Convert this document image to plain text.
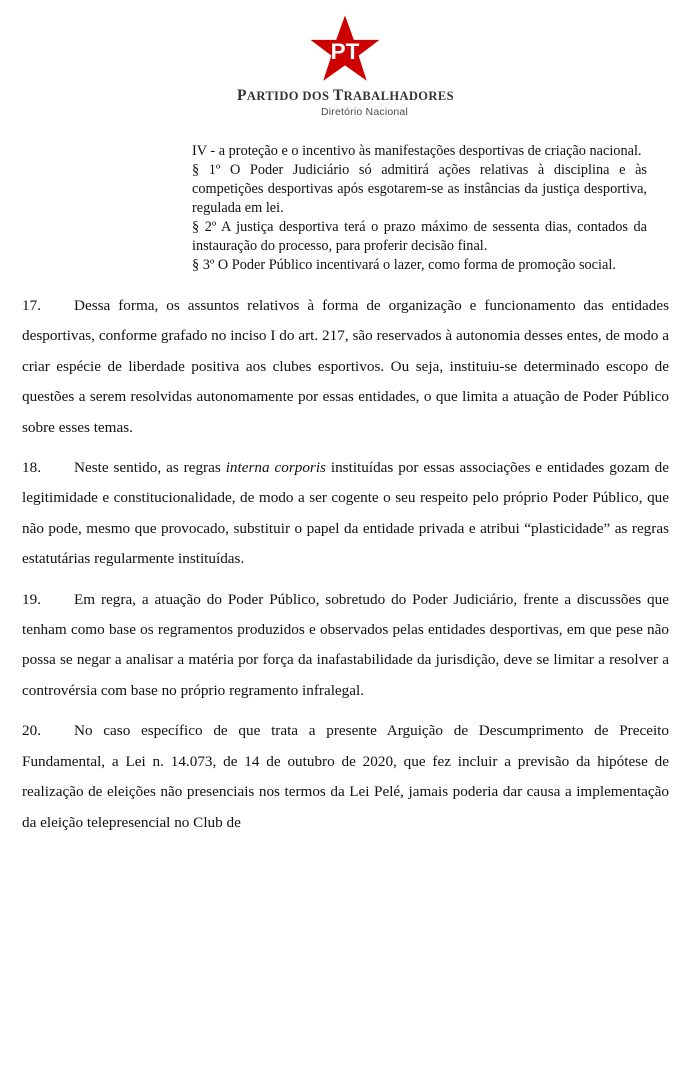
PT
PARTIDO DOS TRABALHADORES
Diretório Nacional

IV - a proteção e o incentivo às manifestações desportivas de criação nacional.

§ 1º O Poder Judiciário só admitirá ações relativas à disciplina e às competições desportivas após esgotarem-se as instâncias da justiça desportiva, regulada em lei.

§ 2º A justiça desportiva terá o prazo máximo de sessenta dias, contados da instauração do processo, para proferir decisão final.

§ 3º O Poder Público incentivará o lazer, como forma de promoção social.

17. Dessa forma, os assuntos relativos à forma de organização e funcionamento das entidades desportivas, conforme grafado no inciso I do art. 217, são reservados à autonomia desses entes, de modo a criar espécie de liberdade positiva aos clubes esportivos. Ou seja, instituiu-se determinado escopo de questões a serem resolvidas autonomamente por essas entidades, o que limita a atuação de Poder Público sobre esses temas.

18. Neste sentido, as regras interna corporis instituídas por essas associações e entidades gozam de legitimidade e constitucionalidade, de modo a ser cogente o seu respeito pelo próprio Poder Público, que não pode, mesmo que provocado, substituir o papel da entidade privada e atribui “plasticidade” as regras estatutárias regularmente instituídas.

19. Em regra, a atuação do Poder Público, sobretudo do Poder Judiciário, frente a discussões que tenham como base os regramentos produzidos e observados pelas entidades desportivas, em que pese não possa se negar a analisar a matéria por força da inafastabilidade da jurisdição, deve se limitar a resolver a controvérsia com base no próprio regramento infralegal.

20. No caso específico de que trata a presente Arguição de Descumprimento de Preceito Fundamental, a Lei n. 14.073, de 14 de outubro de 2020, que fez incluir a previsão da hipótese de realização de eleições não presenciais nos termos da Lei Pelé, jamais poderia dar causa a implementação da eleição telepresencial no Club de
